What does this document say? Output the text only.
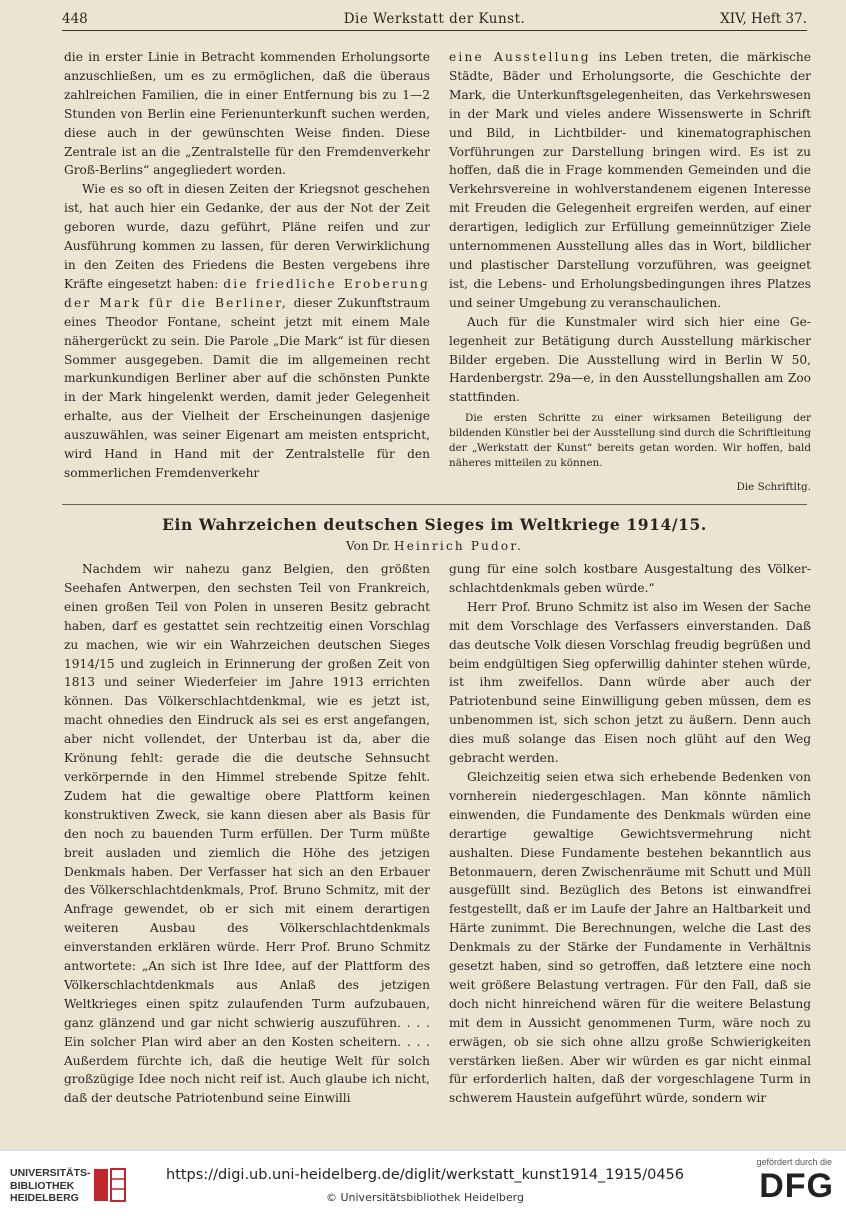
448	Die Werkstatt der Kunst.	XIV, Heft 37.

die in erster Linie in Betracht kommenden Erholungsorte anzuschließen, um es zu ermöglichen, daß die überaus zahlreichen Familien, die in einer Entfernung bis zu 1—2 Stunden von Berlin eine Ferienunterkunft suchen werden, diese auch in der gewünschten Weise finden. Diese Zentrale ist an die „Zentralstelle für den Fremdenverkehr Groß-Berlins“ angegliedert worden.

Wie es so oft in diesen Zeiten der Kriegsnot geschehen ist, hat auch hier ein Gedanke, der aus der Not der Zeit geboren wurde, dazu geführt, Pläne reifen und zur Ausführung kommen zu lassen, für deren Verwirklichung in den Zeiten des Friedens die Besten vergebens ihre Kräfte eingesetzt haben: die friedliche Eroberung der Mark für die Berliner, dieser Zukunftstraum eines Theodor Fontane, scheint jetzt mit einem Male nähergerückt zu sein. Die Parole „Die Mark“ ist für diesen Sommer ausgegeben. Damit die im allgemeinen recht markunkundigen Berliner aber auf die schönsten Punkte in der Mark hingelenkt werden, damit jeder Gelegenheit erhalte, aus der Vielheit der Erscheinungen dasjenige auszuwählen, was seiner Eigenart am meisten entspricht, wird Hand in Hand mit der Zentralstelle für den sommerlichen Fremdenverkehr

eine Ausstellung ins Leben treten, die märkische Städte, Bäder und Erholungsorte, die Geschichte der Mark, die Unterkunftsgelegenheiten, das Verkehrswesen in der Mark und vieles andere Wissenswerte in Schrift und Bild, in Lichtbilder- und kinematographischen Vorführungen zur Darstellung bringen wird. Es ist zu hoffen, daß die in Frage kommenden Gemeinden und die Verkehrsvereine in wohlverstandenem eigenen Interesse mit Freuden die Gelegenheit ergreifen werden, auf einer derartigen, lediglich zur Erfüllung gemeinnütziger Ziele unternommenen Ausstellung alles das in Wort, bildlicher und plastischer Darstellung vorzuführen, was geeignet ist, die Lebens- und Erholungsbedingungen ihres Platzes und seiner Umgebung zu veranschaulichen.

Auch für die Kunstmaler wird sich hier eine Gelegenheit zur Betätigung durch Ausstellung märkischer Bilder ergeben. Die Ausstellung wird in Berlin W 50, Hardenbergstr. 29a—e, in den Ausstellungshallen am Zoo stattfinden.

Die ersten Schritte zu einer wirksamen Beteiligung der bildenden Künstler bei der Ausstellung sind durch die Schriftleitung der „Werkstatt der Kunst“ bereits getan worden. Wir hoffen, bald näheres mitteilen zu können.

Die Schriftltg.

Ein Wahrzeichen deutschen Sieges im Weltkriege 1914/15.
Von Dr. Heinrich Pudor.

Nachdem wir nahezu ganz Belgien, den größten Seehafen Antwerpen, den sechsten Teil von Frankreich, einen großen Teil von Polen in unseren Besitz gebracht haben, darf es gestattet sein rechtzeitig einen Vorschlag zu machen, wie wir ein Wahrzeichen deutschen Sieges 1914/15 und zugleich in Erinnerung der großen Zeit von 1813 und seiner Wiederfeier im Jahre 1913 errichten können. Das Völkerschlachtdenkmal, wie es jetzt ist, macht ohnedies den Eindruck als sei es erst angefangen, aber nicht vollendet, der Unterbau ist da, aber die Krönung fehlt: gerade die die deutsche Sehnsucht verkörpernde in den Himmel strebende Spitze fehlt. Zudem hat die gewaltige obere Plattform keinen konstruktiven Zweck, sie kann diesen aber als Basis für den noch zu bauenden Turm erfüllen. Der Turm müßte breit ausladen und ziemlich die Höhe des jetzigen Denkmals haben. Der Verfasser hat sich an den Erbauer des Völkerschlachtdenkmals, Prof. Bruno Schmitz, mit der Anfrage gewendet, ob er sich mit einem derartigen weiteren Ausbau des Völkerschlachtdenkmals einverstanden erklären würde. Herr Prof. Bruno Schmitz antwortete: „An sich ist Ihre Idee, auf der Plattform des Völkerschlachtdenkmals aus Anlaß des jetzigen Weltkrieges einen spitz zulaufenden Turm aufzubauen, ganz glänzend und gar nicht schwierig auszuführen. . . . Ein solcher Plan wird aber an den Kosten scheitern. . . . Außerdem fürchte ich, daß die heutige Welt für solch großzügige Idee noch nicht reif ist. Auch glaube ich nicht, daß der deutsche Patriotenbund seine Einwilli

gung für eine solch kostbare Ausgestaltung des Völkerschlachtdenkmals geben würde.“

Herr Prof. Bruno Schmitz ist also im Wesen der Sache mit dem Vorschlage des Verfassers einverstanden. Daß das deutsche Volk diesen Vorschlag freudig begrüßen und beim endgültigen Sieg opferwillig dahinter stehen würde, ist ihm zweifellos. Dann würde aber auch der Patriotenbund seine Einwilligung geben müssen, dem es unbenommen ist, sich schon jetzt zu äußern. Denn auch dies muß solange das Eisen noch glüht auf den Weg gebracht werden.

Gleichzeitig seien etwa sich erhebende Bedenken von vornherein niedergeschlagen. Man könnte nämlich einwenden, die Fundamente des Denkmals würden eine derartige gewaltige Gewichtsvermehrung nicht aushalten. Diese Fundamente bestehen bekanntlich aus Betonmauern, deren Zwischenräume mit Schutt und Müll ausgefüllt sind. Bezüglich des Betons ist einwandfrei festgestellt, daß er im Laufe der Jahre an Haltbarkeit und Härte zunimmt. Die Berechnungen, welche die Last des Denkmals zu der Stärke der Fundamente in Verhältnis gesetzt haben, sind so getroffen, daß letztere eine noch weit größere Belastung vertragen. Für den Fall, daß sie doch nicht hinreichend wären für die weitere Belastung mit dem in Aussicht genommenen Turm, wäre noch zu erwägen, ob sie sich ohne allzu große Schwierigkeiten verstärken ließen. Aber wir würden es gar nicht einmal für erforderlich halten, daß der vorgeschlagene Turm in schwerem Haustein aufgeführt würde, sondern wir

UNIVERSITÄTS-
BIBLIOTHEK
HEIDELBERG
https://digi.ub.uni-heidelberg.de/diglit/werkstatt_kunst1914_1915/0456
© Universitätsbibliothek Heidelberg
gefördert durch die
DFG
